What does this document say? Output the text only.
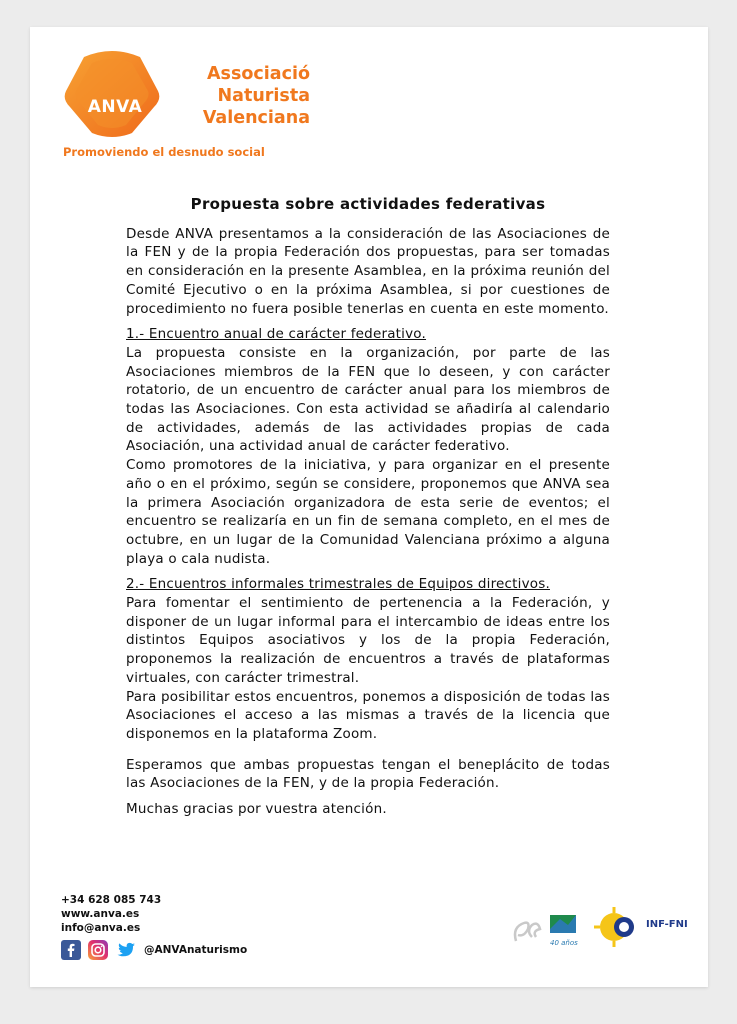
ANVA
Associació
Naturista
Valenciana
Promoviendo el desnudo social
Propuesta sobre actividades federativas

Desde ANVA presentamos a la consideración de las Asociaciones de la FEN y de la propia Federación dos propuestas, para ser tomadas en consideración en la presente Asamblea, en la próxima reunión del Comité Ejecutivo o en la próxima Asamblea, si por cuestiones de procedimiento no fuera posible tenerlas en cuenta en este momento.

1.- Encuentro anual de carácter federativo.

La propuesta consiste en la organización, por parte de las Asociaciones miembros de la FEN que lo deseen, y con carácter rotatorio, de un encuentro de carácter anual para los miembros de todas las Asociaciones. Con esta actividad se añadiría al calendario de actividades, además de las actividades propias de cada Asociación, una actividad anual de carácter federativo.

Como promotores de la iniciativa, y para organizar en el presente año o en el próximo, según se considere, proponemos que ANVA sea la primera Asociación organizadora de esta serie de eventos; el encuentro se realizaría en un fin de semana completo, en el mes de octubre, en un lugar de la Comunidad Valenciana próximo a alguna playa o cala nudista.

2.- Encuentros informales trimestrales de Equipos directivos.

Para fomentar el sentimiento de pertenencia a la Federación, y disponer de un lugar informal para el intercambio de ideas entre los distintos Equipos asociativos y los de la propia Federación, proponemos la realización de encuentros a través de plataformas virtuales, con carácter trimestral.

Para posibilitar estos encuentros, ponemos a disposición de todas las Asociaciones el acceso a las mismas a través de la licencia que disponemos en la plataforma Zoom.

Esperamos que ambas propuestas tengan el beneplácito de todas las Asociaciones de la FEN, y de la propia Federación.

Muchas gracias por vuestra atención.

+34 628 085 743
www.anva.es
info@anva.es
@ANVAnaturismo
40 años
INF-FNI
